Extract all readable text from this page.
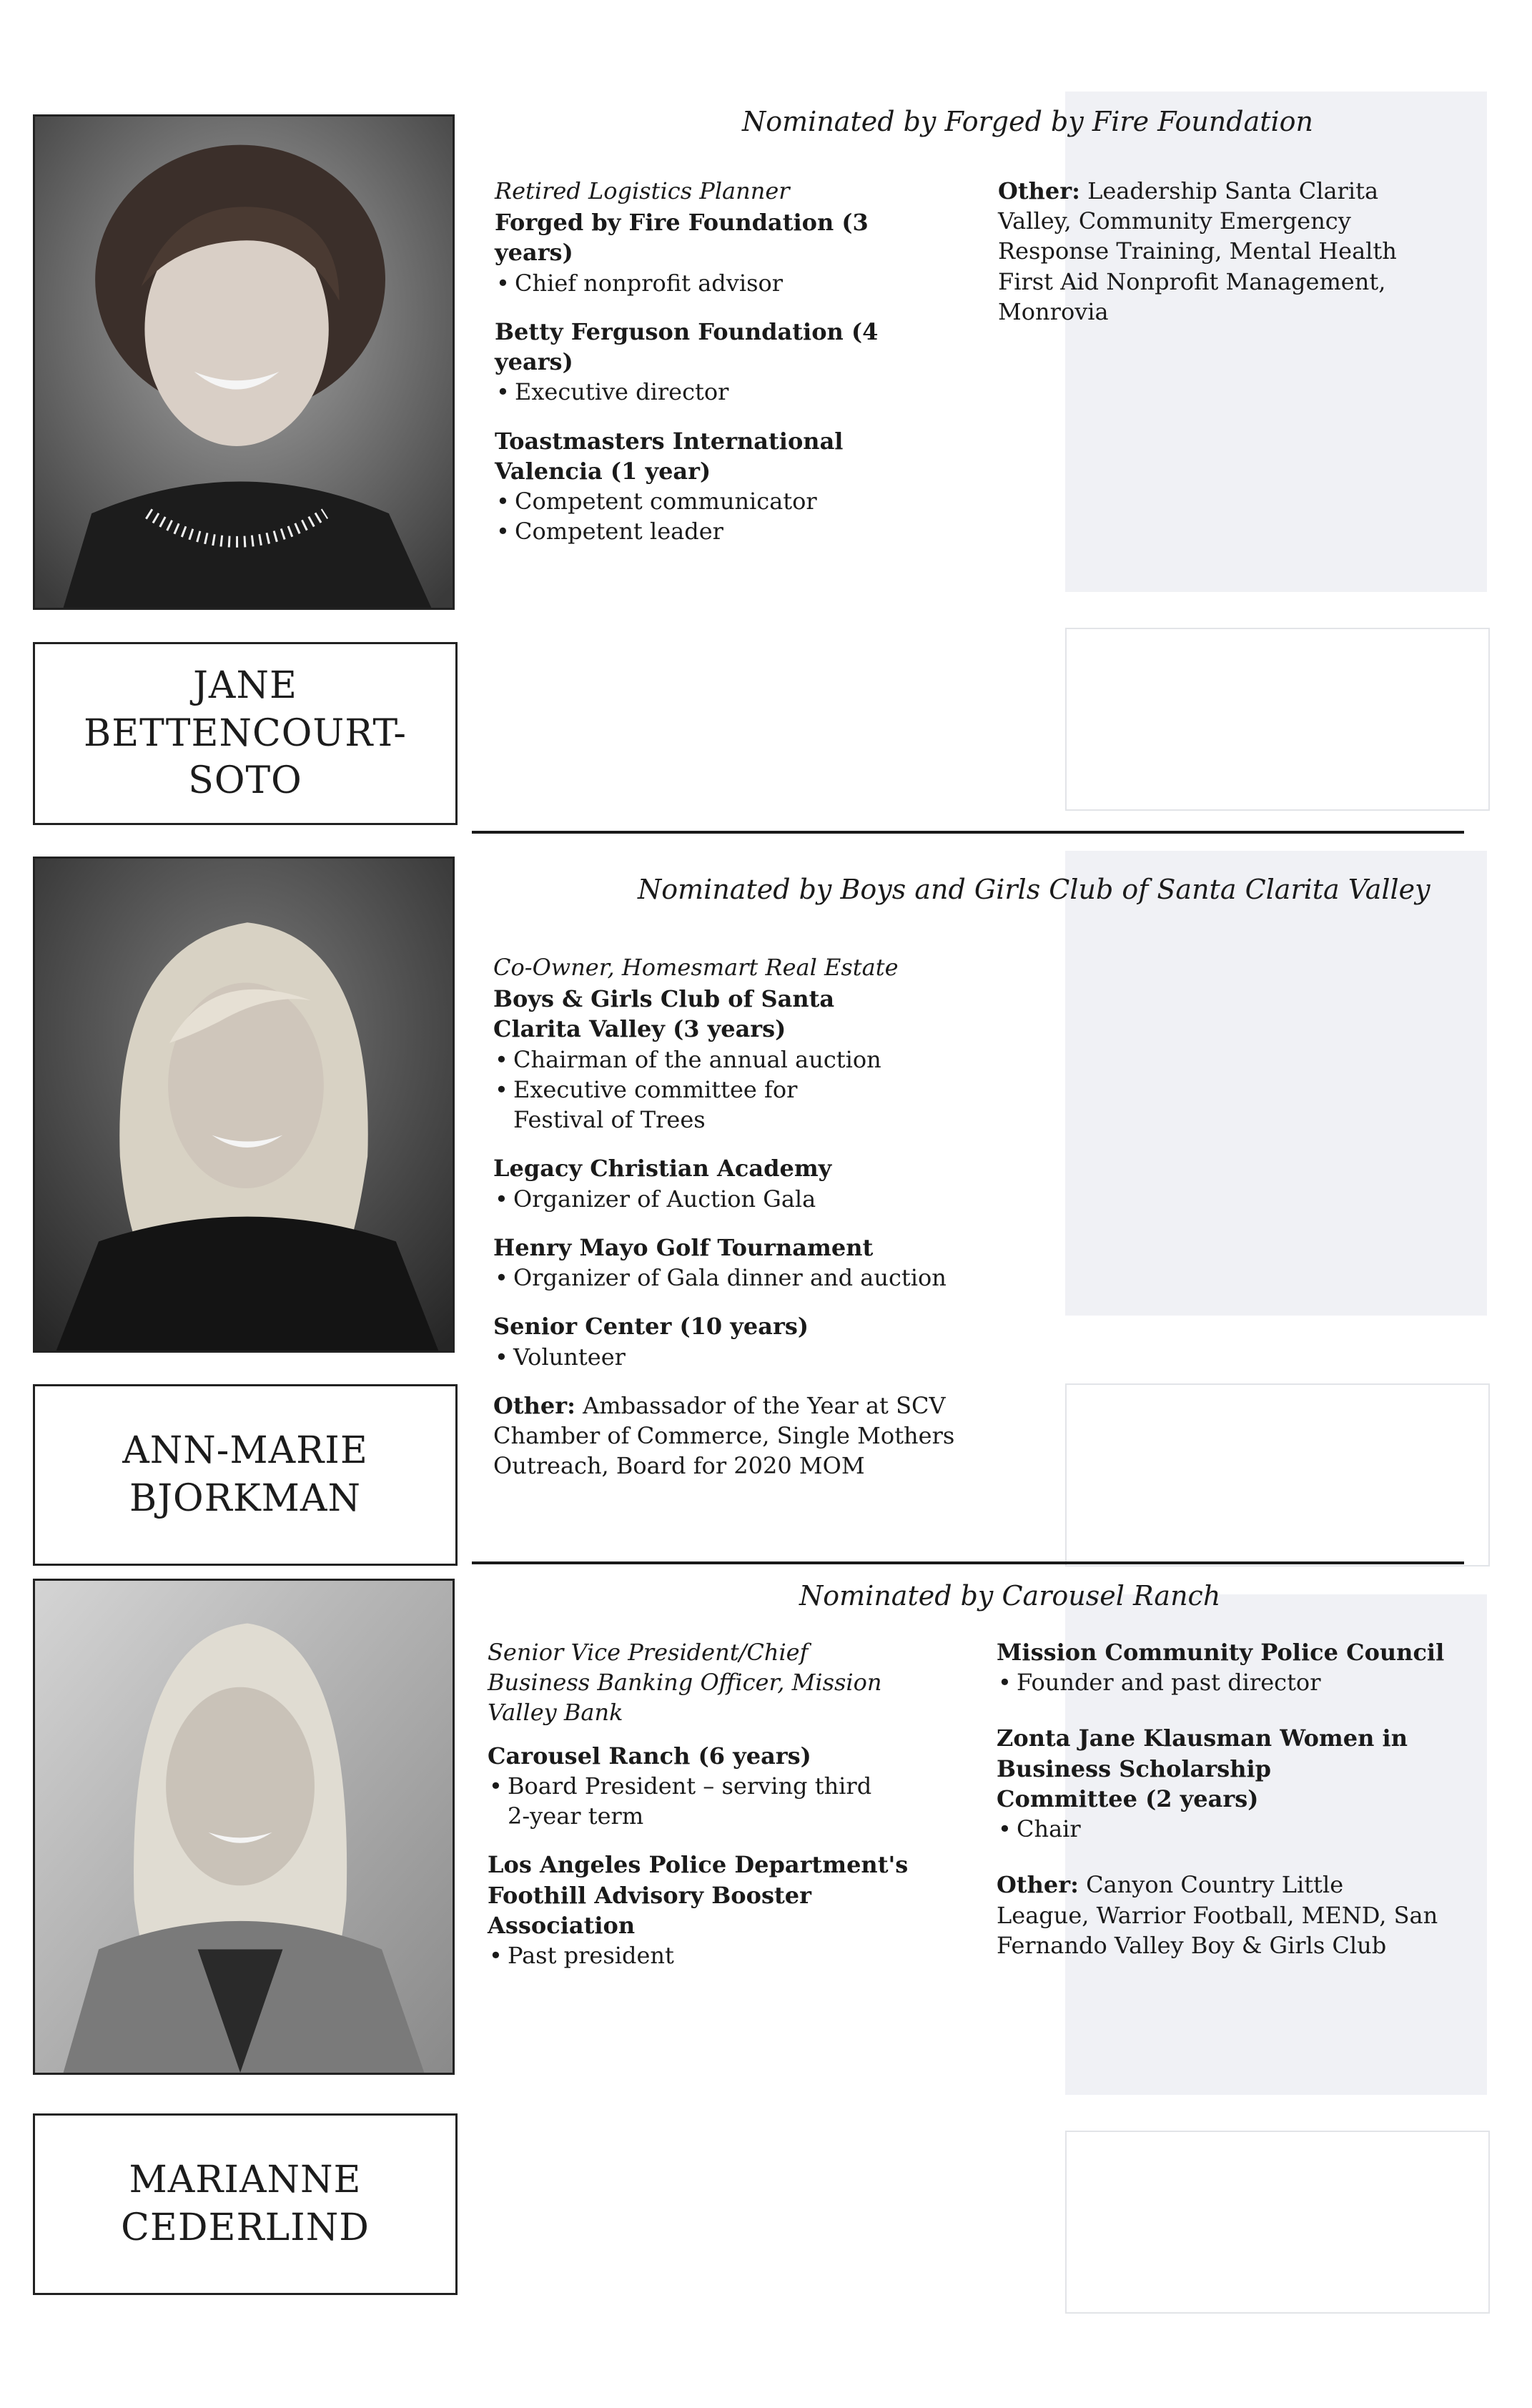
JANE
BETTENCOURT-
SOTO
Nominated by Forged by Fire Foundation
Retired Logistics Planner
Forged by Fire Foundation (3 years)
• Chief nonprofit advisor
Betty Ferguson Foundation (4 years)
• Executive director
Toastmasters International Valencia (1 year)
• Competent communicator
• Competent leader
Other: Leadership Santa Clarita Valley, Community Emergency Response Training, Mental Health First Aid Nonprofit Management, Monrovia
ANN-MARIE
BJORKMAN
Nominated by Boys and Girls Club of Santa Clarita Valley
Co-Owner, Homesmart Real Estate
Boys & Girls Club of Santa Clarita Valley (3 years)
• Chairman of the annual auction
• Executive committee for Festival of Trees
Legacy Christian Academy
• Organizer of Auction Gala
Henry Mayo Golf Tournament
• Organizer of Gala dinner and auction
Senior Center (10 years)
• Volunteer
Other: Ambassador of the Year at SCV Chamber of Commerce, Single Mothers Outreach, Board for 2020 MOM
MARIANNE
CEDERLIND
Nominated by Carousel Ranch
Senior Vice President/Chief Business Banking Officer, Mission Valley Bank
Carousel Ranch (6 years)
• Board President – serving third 2-year term
Los Angeles Police Department's Foothill Advisory Booster Association
• Past president
Mission Community Police Council
• Founder and past director
Zonta Jane Klausman Women in Business Scholarship Committee (2 years)
• Chair
Other: Canyon Country Little League, Warrior Football, MEND, San Fernando Valley Boy & Girls Club
